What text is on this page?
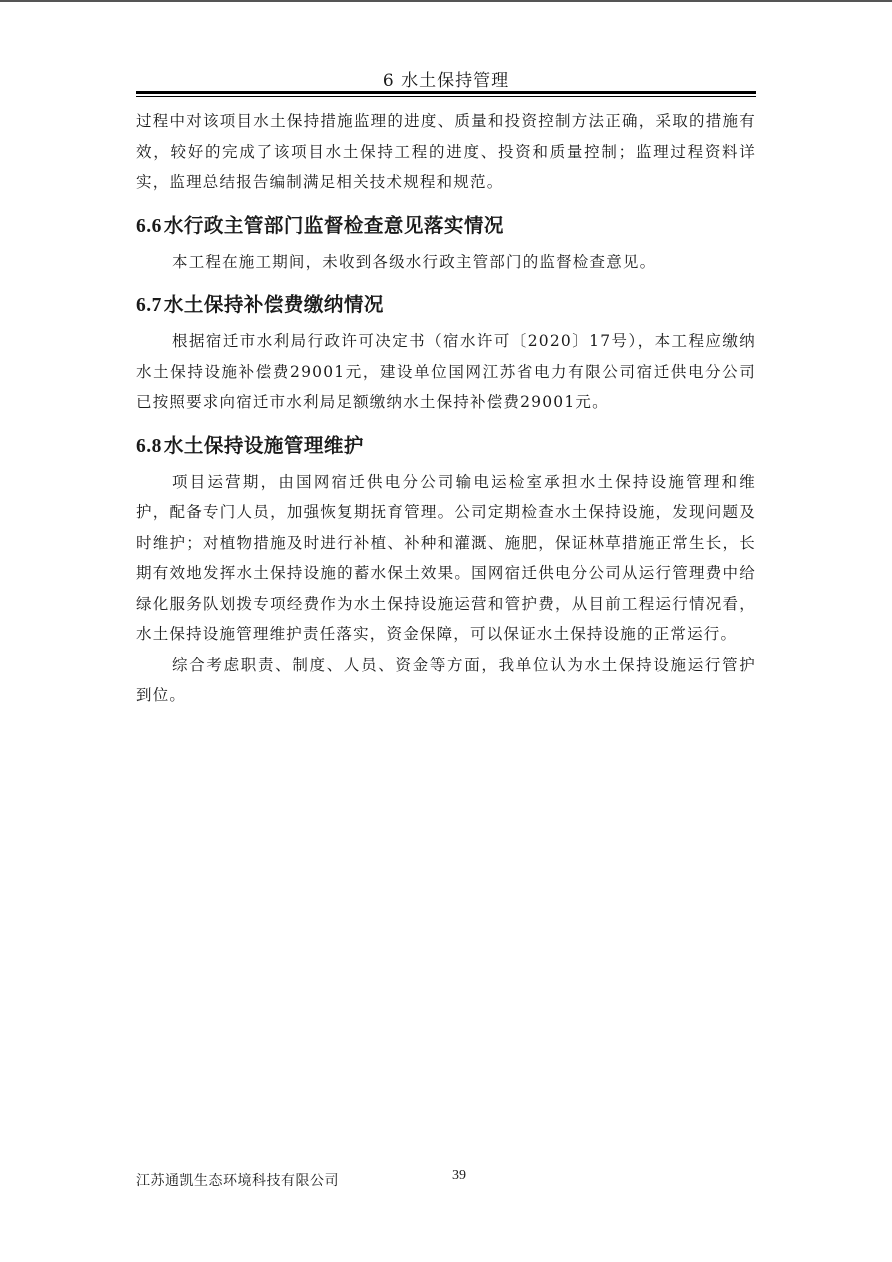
6 水土保持管理

过程中对该项目水土保持措施监理的进度、质量和投资控制方法正确，采取的措施有效，较好的完成了该项目水土保持工程的进度、投资和质量控制；监理过程资料详实，监理总结报告编制满足相关技术规程和规范。

6.6 水行政主管部门监督检查意见落实情况

本工程在施工期间，未收到各级水行政主管部门的监督检查意见。

6.7 水土保持补偿费缴纳情况

根据宿迁市水利局行政许可决定书（宿水许可〔2020〕17号），本工程应缴纳水土保持设施补偿费29001元，建设单位国网江苏省电力有限公司宿迁供电分公司已按照要求向宿迁市水利局足额缴纳水土保持补偿费29001元。

6.8 水土保持设施管理维护

项目运营期，由国网宿迁供电分公司输电运检室承担水土保持设施管理和维护，配备专门人员，加强恢复期抚育管理。公司定期检查水土保持设施，发现问题及时维护；对植物措施及时进行补植、补种和灌溉、施肥，保证林草措施正常生长，长期有效地发挥水土保持设施的蓄水保土效果。国网宿迁供电分公司从运行管理费中给绿化服务队划拨专项经费作为水土保持设施运营和管护费，从目前工程运行情况看，水土保持设施管理维护责任落实，资金保障，可以保证水土保持设施的正常运行。

综合考虑职责、制度、人员、资金等方面，我单位认为水土保持设施运行管护到位。

江苏通凯生态环境科技有限公司	39
